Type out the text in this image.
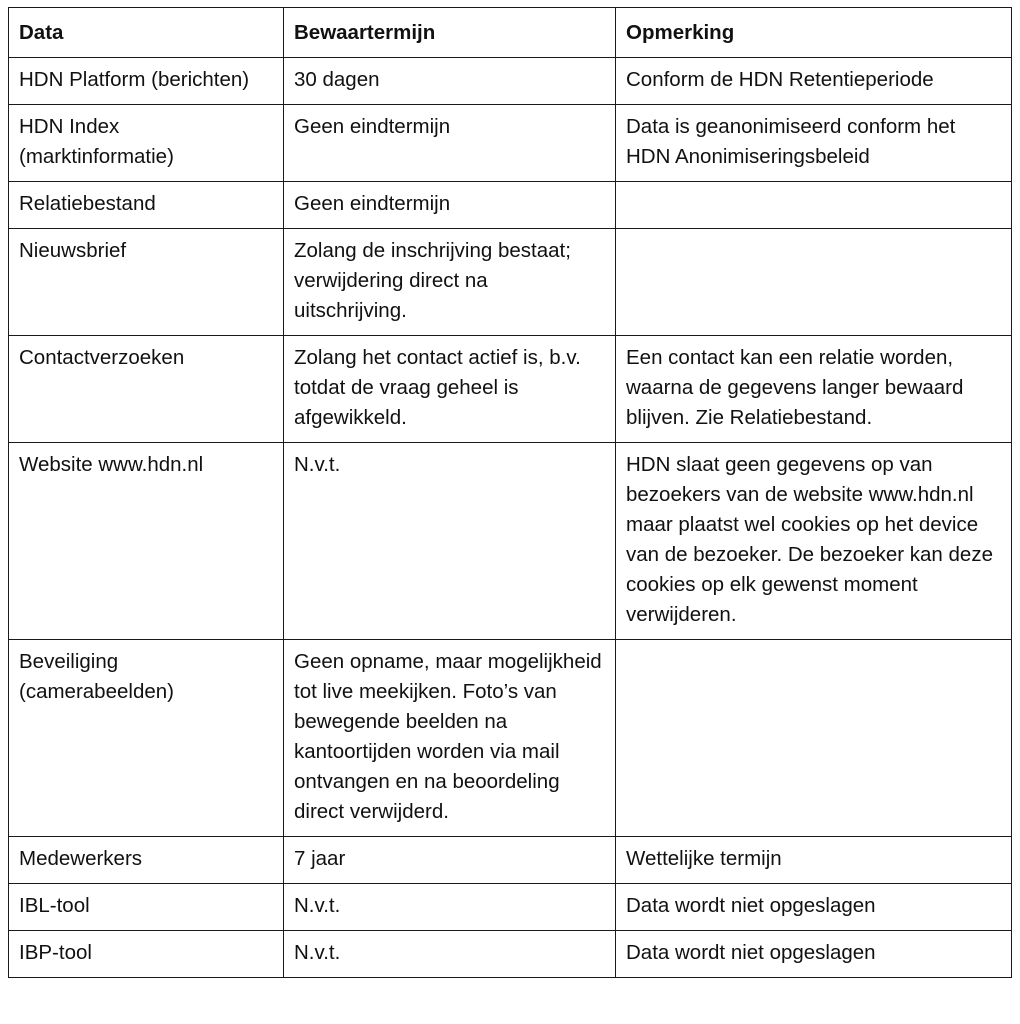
Data	Bewaartermijn	Opmerking
HDN Platform (berichten)	30 dagen	Conform de HDN Retentieperiode
HDN Index (marktinformatie)	Geen eindtermijn	Data is geanonimiseerd conform het HDN Anonimiseringsbeleid
Relatiebestand	Geen eindtermijn	
Nieuwsbrief	Zolang de inschrijving bestaat; verwijdering direct na uitschrijving.	
Contactverzoeken	Zolang het contact actief is, b.v. totdat de vraag geheel is afgewikkeld.	Een contact kan een relatie worden, waarna de gegevens langer bewaard blijven. Zie Relatiebestand.
Website www.hdn.nl	N.v.t.	HDN slaat geen gegevens op van bezoekers van de website www.hdn.nl maar plaatst wel cookies op het device van de bezoeker. De bezoeker kan deze cookies op elk gewenst moment verwijderen.
Beveiliging (camerabeelden)	Geen opname, maar mogelijkheid tot live meekijken. Foto’s van bewegende beelden na kantoortijden worden via mail ontvangen en na beoordeling direct verwijderd.	
Medewerkers	7 jaar	Wettelijke termijn
IBL-tool	N.v.t.	Data wordt niet opgeslagen
IBP-tool	N.v.t.	Data wordt niet opgeslagen
